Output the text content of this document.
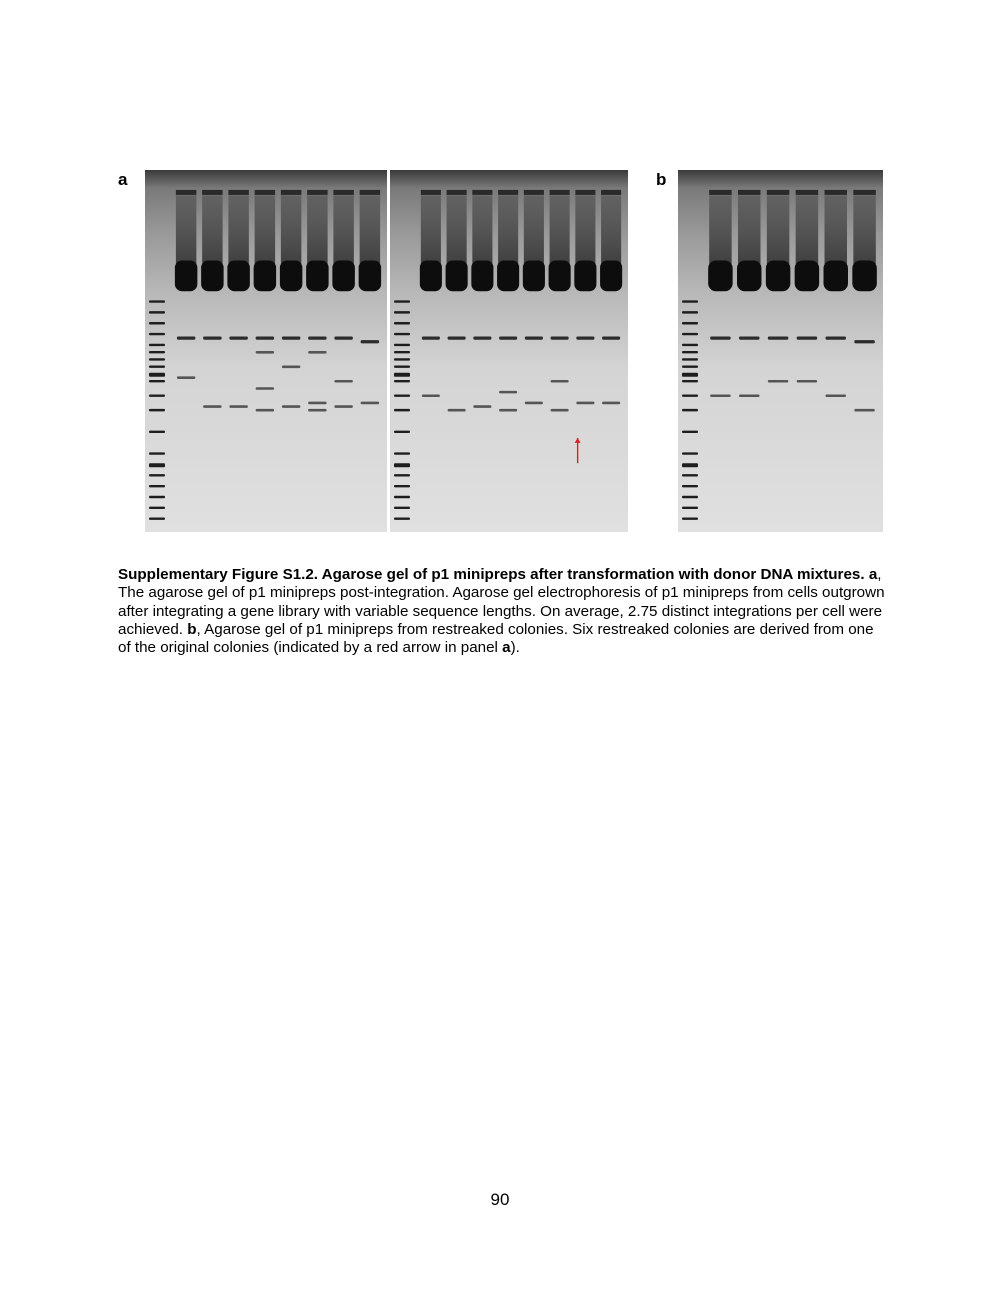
a	b
Supplementary Figure S1.2. Agarose gel of p1 minipreps after transformation with donor DNA mixtures. a, The agarose gel of p1 minipreps post-integration. Agarose gel electrophoresis of p1 minipreps from cells outgrown after integrating a gene library with variable sequence lengths. On average, 2.75 distinct integrations per cell were achieved. b, Agarose gel of p1 minipreps from restreaked colonies. Six restreaked colonies are derived from one of the original colonies (indicated by a red arrow in panel a).
90
